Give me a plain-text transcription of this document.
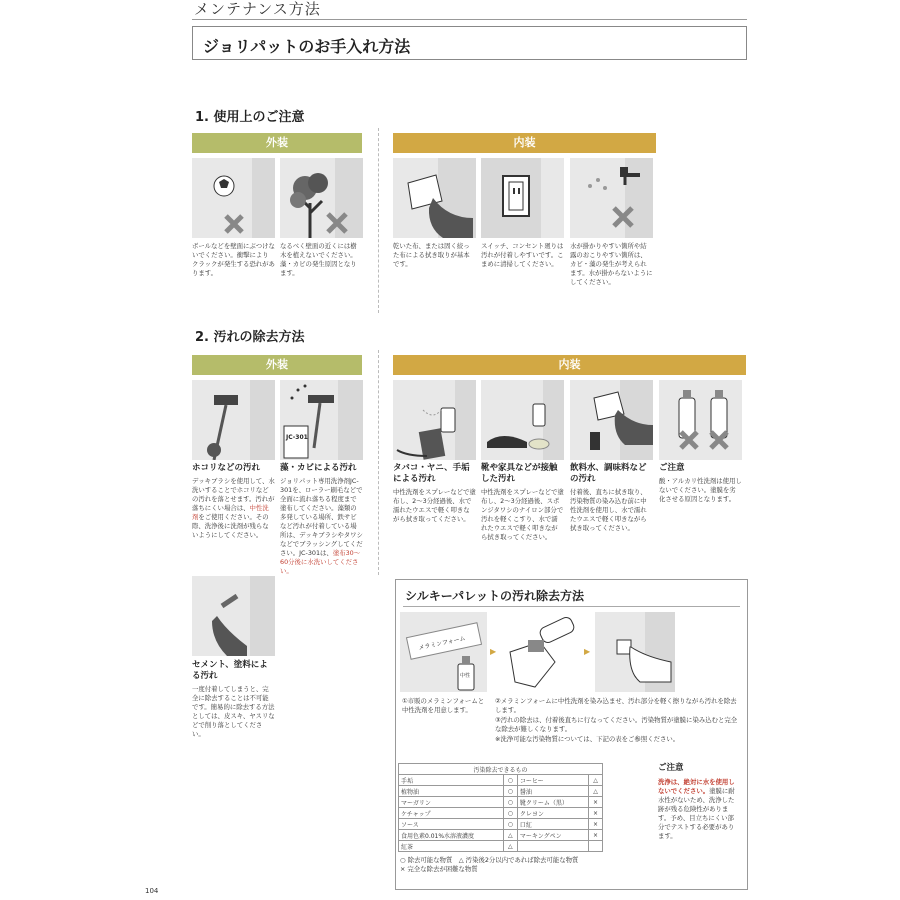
メンテナンス方法
ジョリパットのお手入れ方法
1. 使用上のご注意
外装	内装
ボールなどを壁面にぶつけないでください。衝撃によりクラックが発生する恐れがあります。
なるべく壁面の近くには樹木を植えないでください。藻・カビの発生原因となります。
乾いた布、または固く絞った布による拭き取りが基本です。
スイッチ、コンセント廻りは汚れが付着しやすいです。こまめに清掃してください。
水が掛かりやすい箇所や結露のおこりやすい箇所は、カビ・藻の発生が考えられます。水が掛からないようにしてください。
2. 汚れの除去方法
外装	内装
JC-301
ホコリなどの汚れ
デッキブラシを使用して、水洗いすることでホコリなどの汚れを落とせます。汚れが落ちにくい場合は、中性洗剤をご使用ください。その際、洗浄後に洗剤が残らないようにしてください。
藻・カビによる汚れ
ジョリパット専用洗浄剤JC-301を、ローラー刷毛などで全面に流れ落ちる程度まで塗布してください。藻類の多発している場所、鉄サビなど汚れが付着している場所は、デッキブラシやタワシなどでブラッシングしてください。JC-301は、塗布30〜60分後に水洗いしてください。
タバコ・ヤニ、手垢による汚れ
中性洗剤をスプレーなどで塗布し、2〜3分経過後、水で濡れたウエスで軽く叩きながら拭き取ってください。
靴や家具などが接触した汚れ
中性洗剤をスプレーなどで塗布し、2〜3分経過後、スポンジタワシのナイロン部分で汚れを軽くこすり、水で濡れたウエスで軽く叩きながら拭き取ってください。
飲料水、調味料などの汚れ
付着後、直ちに拭き取り、汚染物質の染み込む前に中性洗剤を使用し、水で濡れたウエスで軽く叩きながら拭き取ってください。
ご注意
酸・アルカリ性洗剤は使用しないでください。塗膜を劣化させる原因となります。
セメント、塗料による汚れ
一度付着してしまうと、完全に除去することは不可能です。簡易的に除去する方法としては、皮スキ、ヤスリなどで削り落としてください。
シルキーパレットの汚れ除去方法
メラミンフォーム
中性
▶	▶
①市販のメラミンフォームと中性洗剤を用意します。
②メラミンフォームに中性洗剤を染み込ませ、汚れ部分を軽く擦りながら汚れを除去します。
③汚れの除去は、付着後直ちに行なってください。汚染物質が塗膜に染み込むと完全な除去が難しくなります。
※洗浄可能な汚染物質については、下記の表をご参照ください。
汚染除去できるもの			
手垢	○	コーヒー	△
植物油	○	醤油	△
マーガリン	○	靴クリーム（黒）	×
ケチャップ	○	クレヨン	×
ソース	○	口紅	×
食用色素0.01%水溶液濃度	△	マーキングペン	×
紅茶	△		
○ 除去可能な物質　△ 汚染後2分以内であれば除去可能な物質
× 完全な除去が困難な物質
ご注意
洗浄は、絶対に水を使用しないでください。塗膜に耐水性がないため、洗浄した跡が残る危険性があります。予め、目立ちにくい部分でテストする必要があります。
104
